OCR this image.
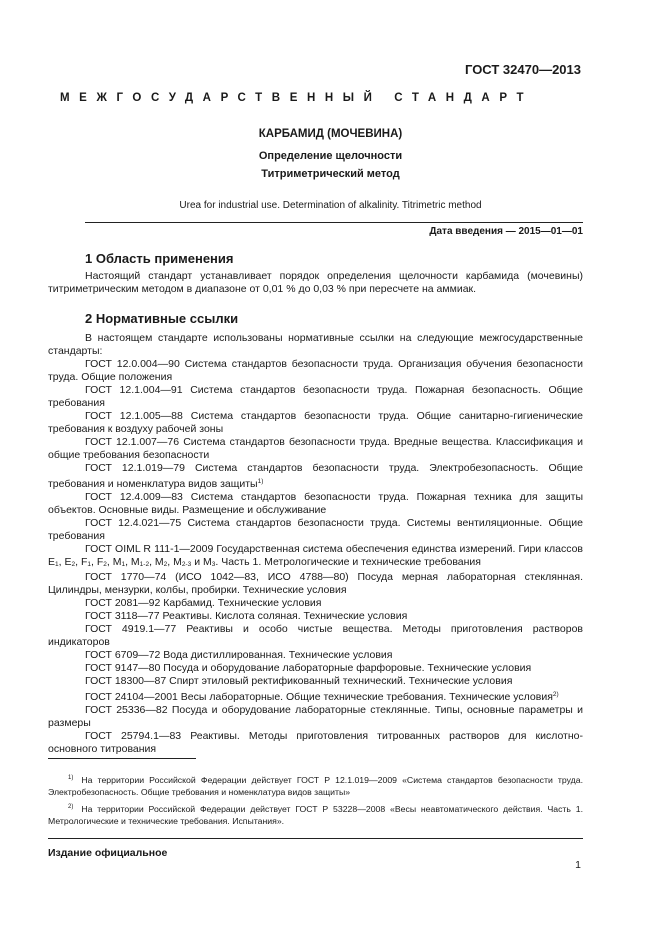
ГОСТ 32470—2013
МЕЖГОСУДАРСТВЕННЫЙ СТАНДАРТ
КАРБАМИД (МОЧЕВИНА)
Определение щелочности
Титриметрический метод
Urea for industrial use. Determination of alkalinity. Titrimetric method
Дата введения — 2015—01—01
1 Область применения

Настоящий стандарт устанавливает порядок определения щелочности карбамида (мочевины) титриметрическим методом в диапазоне от 0,01 % до 0,03 % при пересчете на аммиак.

2 Нормативные ссылки

В настоящем стандарте использованы нормативные ссылки на следующие межгосударственные стандарты:

ГОСТ 12.0.004—90 Система стандартов безопасности труда. Организация обучения безопасности труда. Общие положения

ГОСТ 12.1.004—91 Система стандартов безопасности труда. Пожарная безопасность. Общие требования

ГОСТ 12.1.005—88 Система стандартов безопасности труда. Общие санитарно-гигиенические требования к воздуху рабочей зоны

ГОСТ 12.1.007—76 Система стандартов безопасности труда. Вредные вещества. Классификация и общие требования безопасности

ГОСТ 12.1.019—79 Система стандартов безопасности труда. Электробезопасность. Общие требования и номенклатура видов защиты$^{1)}$

ГОСТ 12.4.009—83 Система стандартов безопасности труда. Пожарная техника для защиты объектов. Основные виды. Размещение и обслуживание

ГОСТ 12.4.021—75 Система стандартов безопасности труда. Системы вентиляционные. Общие требования

ГОСТ OIML R 111-1—2009 Государственная система обеспечения единства измерений. Гири классов $Е_1$, $Е_2$, $F_1$, $F_2$, $M_1$, $M_{1-2}$, $M_2$, $M_{2-3}$ и $M_3$. Часть 1. Метрологические и технические требования

ГОСТ 1770—74 (ИСО 1042—83, ИСО 4788—80) Посуда мерная лабораторная стеклянная. Цилиндры, мензурки, колбы, пробирки. Технические условия

ГОСТ 2081—92 Карбамид. Технические условия

ГОСТ 3118—77 Реактивы. Кислота соляная. Технические условия

ГОСТ 4919.1—77 Реактивы и особо чистые вещества. Методы приготовления растворов индикаторов

ГОСТ 6709—72 Вода дистиллированная. Технические условия

ГОСТ 9147—80 Посуда и оборудование лабораторные фарфоровые. Технические условия

ГОСТ 18300—87 Спирт этиловый ректификованный технический. Технические условия

ГОСТ 24104—2001 Весы лабораторные. Общие технические требования. Технические условия$^{2)}$

ГОСТ 25336—82 Посуда и оборудование лабораторные стеклянные. Типы, основные параметры и размеры

ГОСТ 25794.1—83 Реактивы. Методы приготовления титрованных растворов для кислотно-основного титрования

$^{1)}$ На территории Российской Федерации действует ГОСТ Р 12.1.019—2009 «Система стандартов безопасности труда. Электробезопасность. Общие требования и номенклатура видов защиты»

$^{2)}$ На территории Российской Федерации действует ГОСТ Р 53228—2008 «Весы неавтоматического действия. Часть 1. Метрологические и технические требования. Испытания».

Издание официальное
1
